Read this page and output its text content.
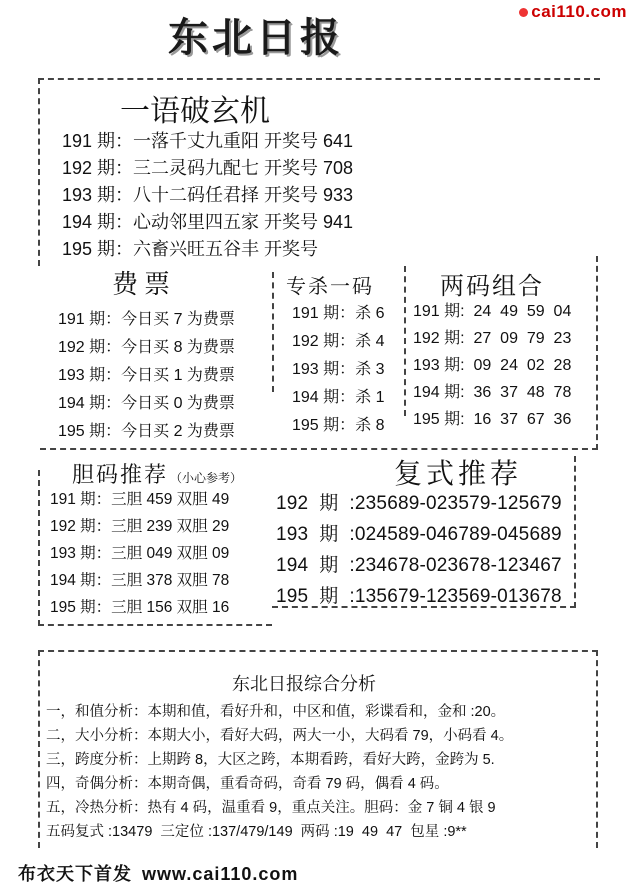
东北日报
cai110.com
一语破玄机
191 期：一落千丈九重阳 开奖号 641
192 期：三二灵码九配七 开奖号 708
193 期：八十二码任君择 开奖号 933
194 期：心动邻里四五家 开奖号 941
195 期：六畜兴旺五谷丰 开奖号
费票
191 期：今日买 7 为费票
192 期：今日买 8 为费票
193 期：今日买 1 为费票
194 期：今日买 0 为费票
195 期：今日买 2 为费票
专杀一码
191 期：杀 6
192 期：杀 4
193 期：杀 3
194 期：杀 1
195 期：杀 8
两码组合
191 期:  24  49  59  04
192 期:  27  09  79  23
193 期:  09  24  02  28
194 期:  36  37  48  78
195 期:  16  37  67  36
胆码推荐 （小心参考）
191 期：三胆 459 双胆 49
192 期：三胆 239 双胆 29
193 期：三胆 049 双胆 09
194 期：三胆 378 双胆 78
195 期：三胆 156 双胆 16
复式推荐
192  期  :235689-023579-125679
193  期  :024589-046789-045689
194  期  :234678-023678-123467
195  期  :135679-123569-013678
东北日报综合分析
一，和值分析：本期和值，看好升和，中区和值，彩谍看和，金和 :20。
二，大小分析：本期大小，看好大码，两大一小，大码看 79，小码看 4。
三，跨度分析：上期跨 8，大区之跨，本期看跨，看好大跨，金跨为 5.
四，奇偶分析：本期奇偶，重看奇码，奇看 79 码，偶看 4 码。
五，冷热分析：热有 4 码，温重看 9，重点关注。胆码：金 7 铜 4 银 9
五码复式 :13479  三定位 :137/479/149  两码 :19  49  47  包星 :9**
布衣天下首发 www.cai110.com
